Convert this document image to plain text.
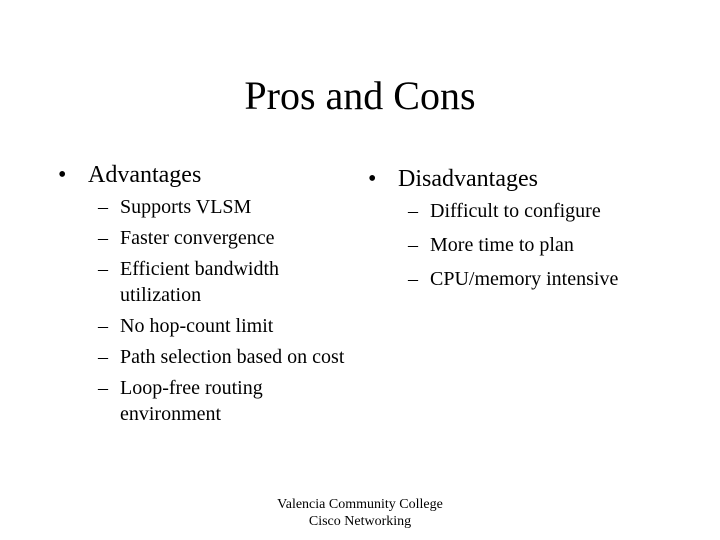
Pros and Cons
• Advantages
– Supports VLSM
– Faster convergence
– Efficient bandwidth utilization
– No hop-count limit
– Path selection based on cost
– Loop-free routing environment
• Disadvantages
– Difficult to configure
– More time to plan
– CPU/memory intensive
Valencia Community College
Cisco Networking
